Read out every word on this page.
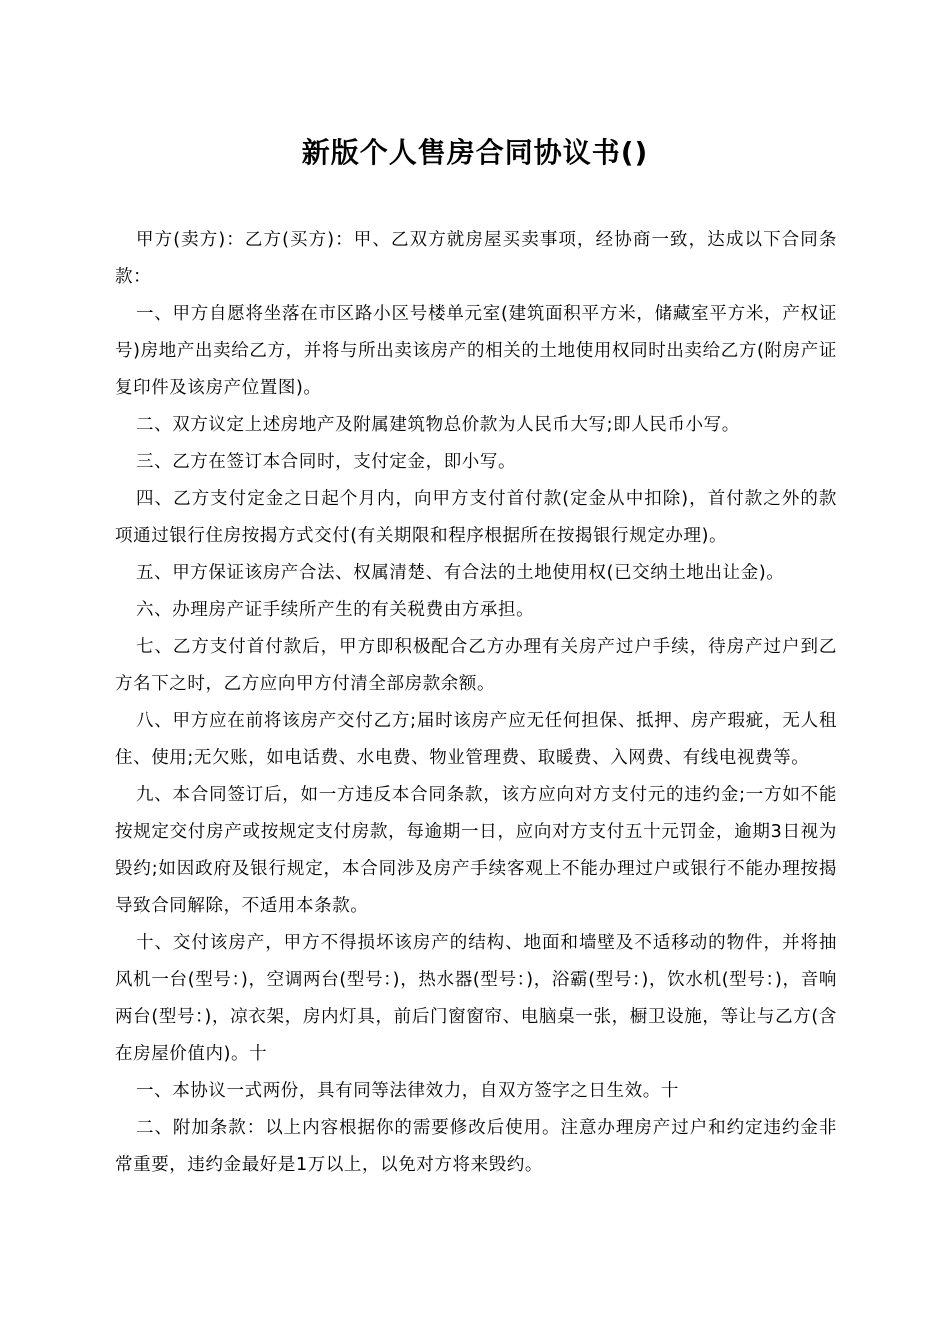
新版个人售房合同协议书()

甲方(卖方)：乙方(买方)：甲、乙双方就房屋买卖事项，经协商一致，达成以下合同条款：

一、甲方自愿将坐落在市区路小区号楼单元室(建筑面积平方米，储藏室平方米，产权证号)房地产出卖给乙方，并将与所出卖该房产的相关的土地使用权同时出卖给乙方(附房产证复印件及该房产位置图)。

二、双方议定上述房地产及附属建筑物总价款为人民币大写;即人民币小写。

三、乙方在签订本合同时，支付定金，即小写。

四、乙方支付定金之日起个月内，向甲方支付首付款(定金从中扣除)，首付款之外的款项通过银行住房按揭方式交付(有关期限和程序根据所在按揭银行规定办理)。

五、甲方保证该房产合法、权属清楚、有合法的土地使用权(已交纳土地出让金)。

六、办理房产证手续所产生的有关税费由方承担。

七、乙方支付首付款后，甲方即积极配合乙方办理有关房产过户手续，待房产过户到乙方名下之时，乙方应向甲方付清全部房款余额。

八、甲方应在前将该房产交付乙方;届时该房产应无任何担保、抵押、房产瑕疵，无人租住、使用;无欠账，如电话费、水电费、物业管理费、取暖费、入网费、有线电视费等。

九、本合同签订后，如一方违反本合同条款，该方应向对方支付元的违约金;一方如不能按规定交付房产或按规定支付房款，每逾期一日，应向对方支付五十元罚金，逾期3日视为毁约;如因政府及银行规定，本合同涉及房产手续客观上不能办理过户或银行不能办理按揭导致合同解除，不适用本条款。

十、交付该房产，甲方不得损坏该房产的结构、地面和墙壁及不适移动的物件，并将抽风机一台(型号：)，空调两台(型号：)，热水器(型号：)，浴霸(型号：)，饮水机(型号：)，音响两台(型号：)，凉衣架，房内灯具，前后门窗窗帘、电脑桌一张，橱卫设施，等让与乙方(含在房屋价值内)。十

一、本协议一式两份，具有同等法律效力，自双方签字之日生效。十

二、附加条款：以上内容根据你的需要修改后使用。注意办理房产过户和约定违约金非常重要，违约金最好是1万以上，以免对方将来毁约。
